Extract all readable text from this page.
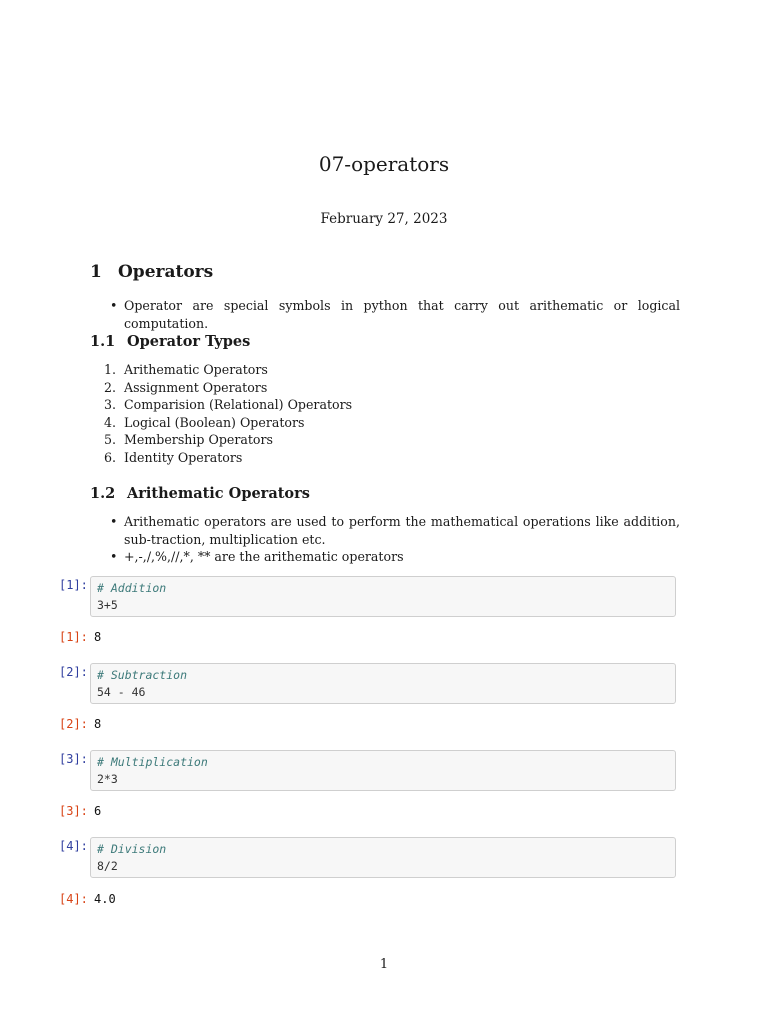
07-operators
February 27, 2023
1 Operators
• Operator are special symbols in python that carry out arithematic or logical computation.
1.1 Operator Types
1. Arithematic Operators
2. Assignment Operators
3. Comparision (Relational) Operators
4. Logical (Boolean) Operators
5. Membership Operators
6. Identity Operators
1.2 Arithematic Operators
• Arithematic operators are used to perform the mathematical operations like addition, sub-traction, multiplication etc.
• +,-,/,%,//,*, ** are the arithematic operators
[1]: # Addition
3+5
[1]: 8
[2]: # Subtraction
54 - 46
[2]: 8
[3]: # Multiplication
2*3
[3]: 6
[4]: # Division
8/2
[4]: 4.0
1
